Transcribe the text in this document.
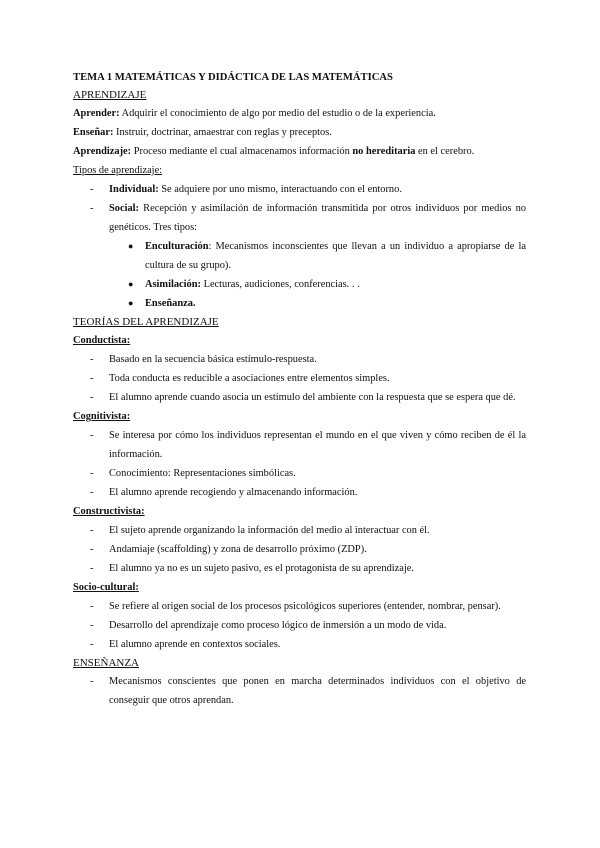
TEMA 1 MATEMÁTICAS Y DIDÁCTICA DE LAS MATEMÁTICAS

APRENDIZAJE

Aprender: Adquirir el conocimiento de algo por medio del estudio o de la experiencia.

Enseñar: Instruir, doctrinar, amaestrar con reglas y preceptos.

Aprendizaje: Proceso mediante el cual almacenamos información no hereditaria en el cerebro.

Tipos de aprendizaje:

- Individual: Se adquiere por uno mismo, interactuando con el entorno.
- Social: Recepción y asimilación de información transmitida por otros individuos por medios no genéticos. Tres tipos:
● Enculturación: Mecanismos inconscientes que llevan a un individuo a apropiarse de la cultura de su grupo).
● Asimilación: Lecturas, audiciones, conferencias. . .
● Enseñanza.

TEORÍAS DEL APRENDIZAJE

Conductista:

- Basado en la secuencia básica estímulo-respuesta.
- Toda conducta es reducible a asociaciones entre elementos simples.
- El alumno aprende cuando asocia un estímulo del ambiente con la respuesta que se espera que dé.

Cognitivista:

- Se interesa por cómo los individuos representan el mundo en el que viven y cómo reciben de él la información.
- Conocimiento: Representaciones simbólicas.
- El alumno aprende recogiendo y almacenando información.

Constructivista:

- El sujeto aprende organizando la información del medio al interactuar con él.
- Andamiaje (scaffolding) y zona de desarrollo próximo (ZDP).
- El alumno ya no es un sujeto pasivo, es el protagonista de su aprendizaje.

Socio-cultural:

- Se refiere al origen social de los procesos psicológicos superiores (entender, nombrar, pensar).
- Desarrollo del aprendizaje como proceso lógico de inmersión a un modo de vida.
- El alumno aprende en contextos sociales.

ENSEÑANZA

- Mecanismos conscientes que ponen en marcha determinados individuos con el objetivo de conseguir que otros aprendan.
